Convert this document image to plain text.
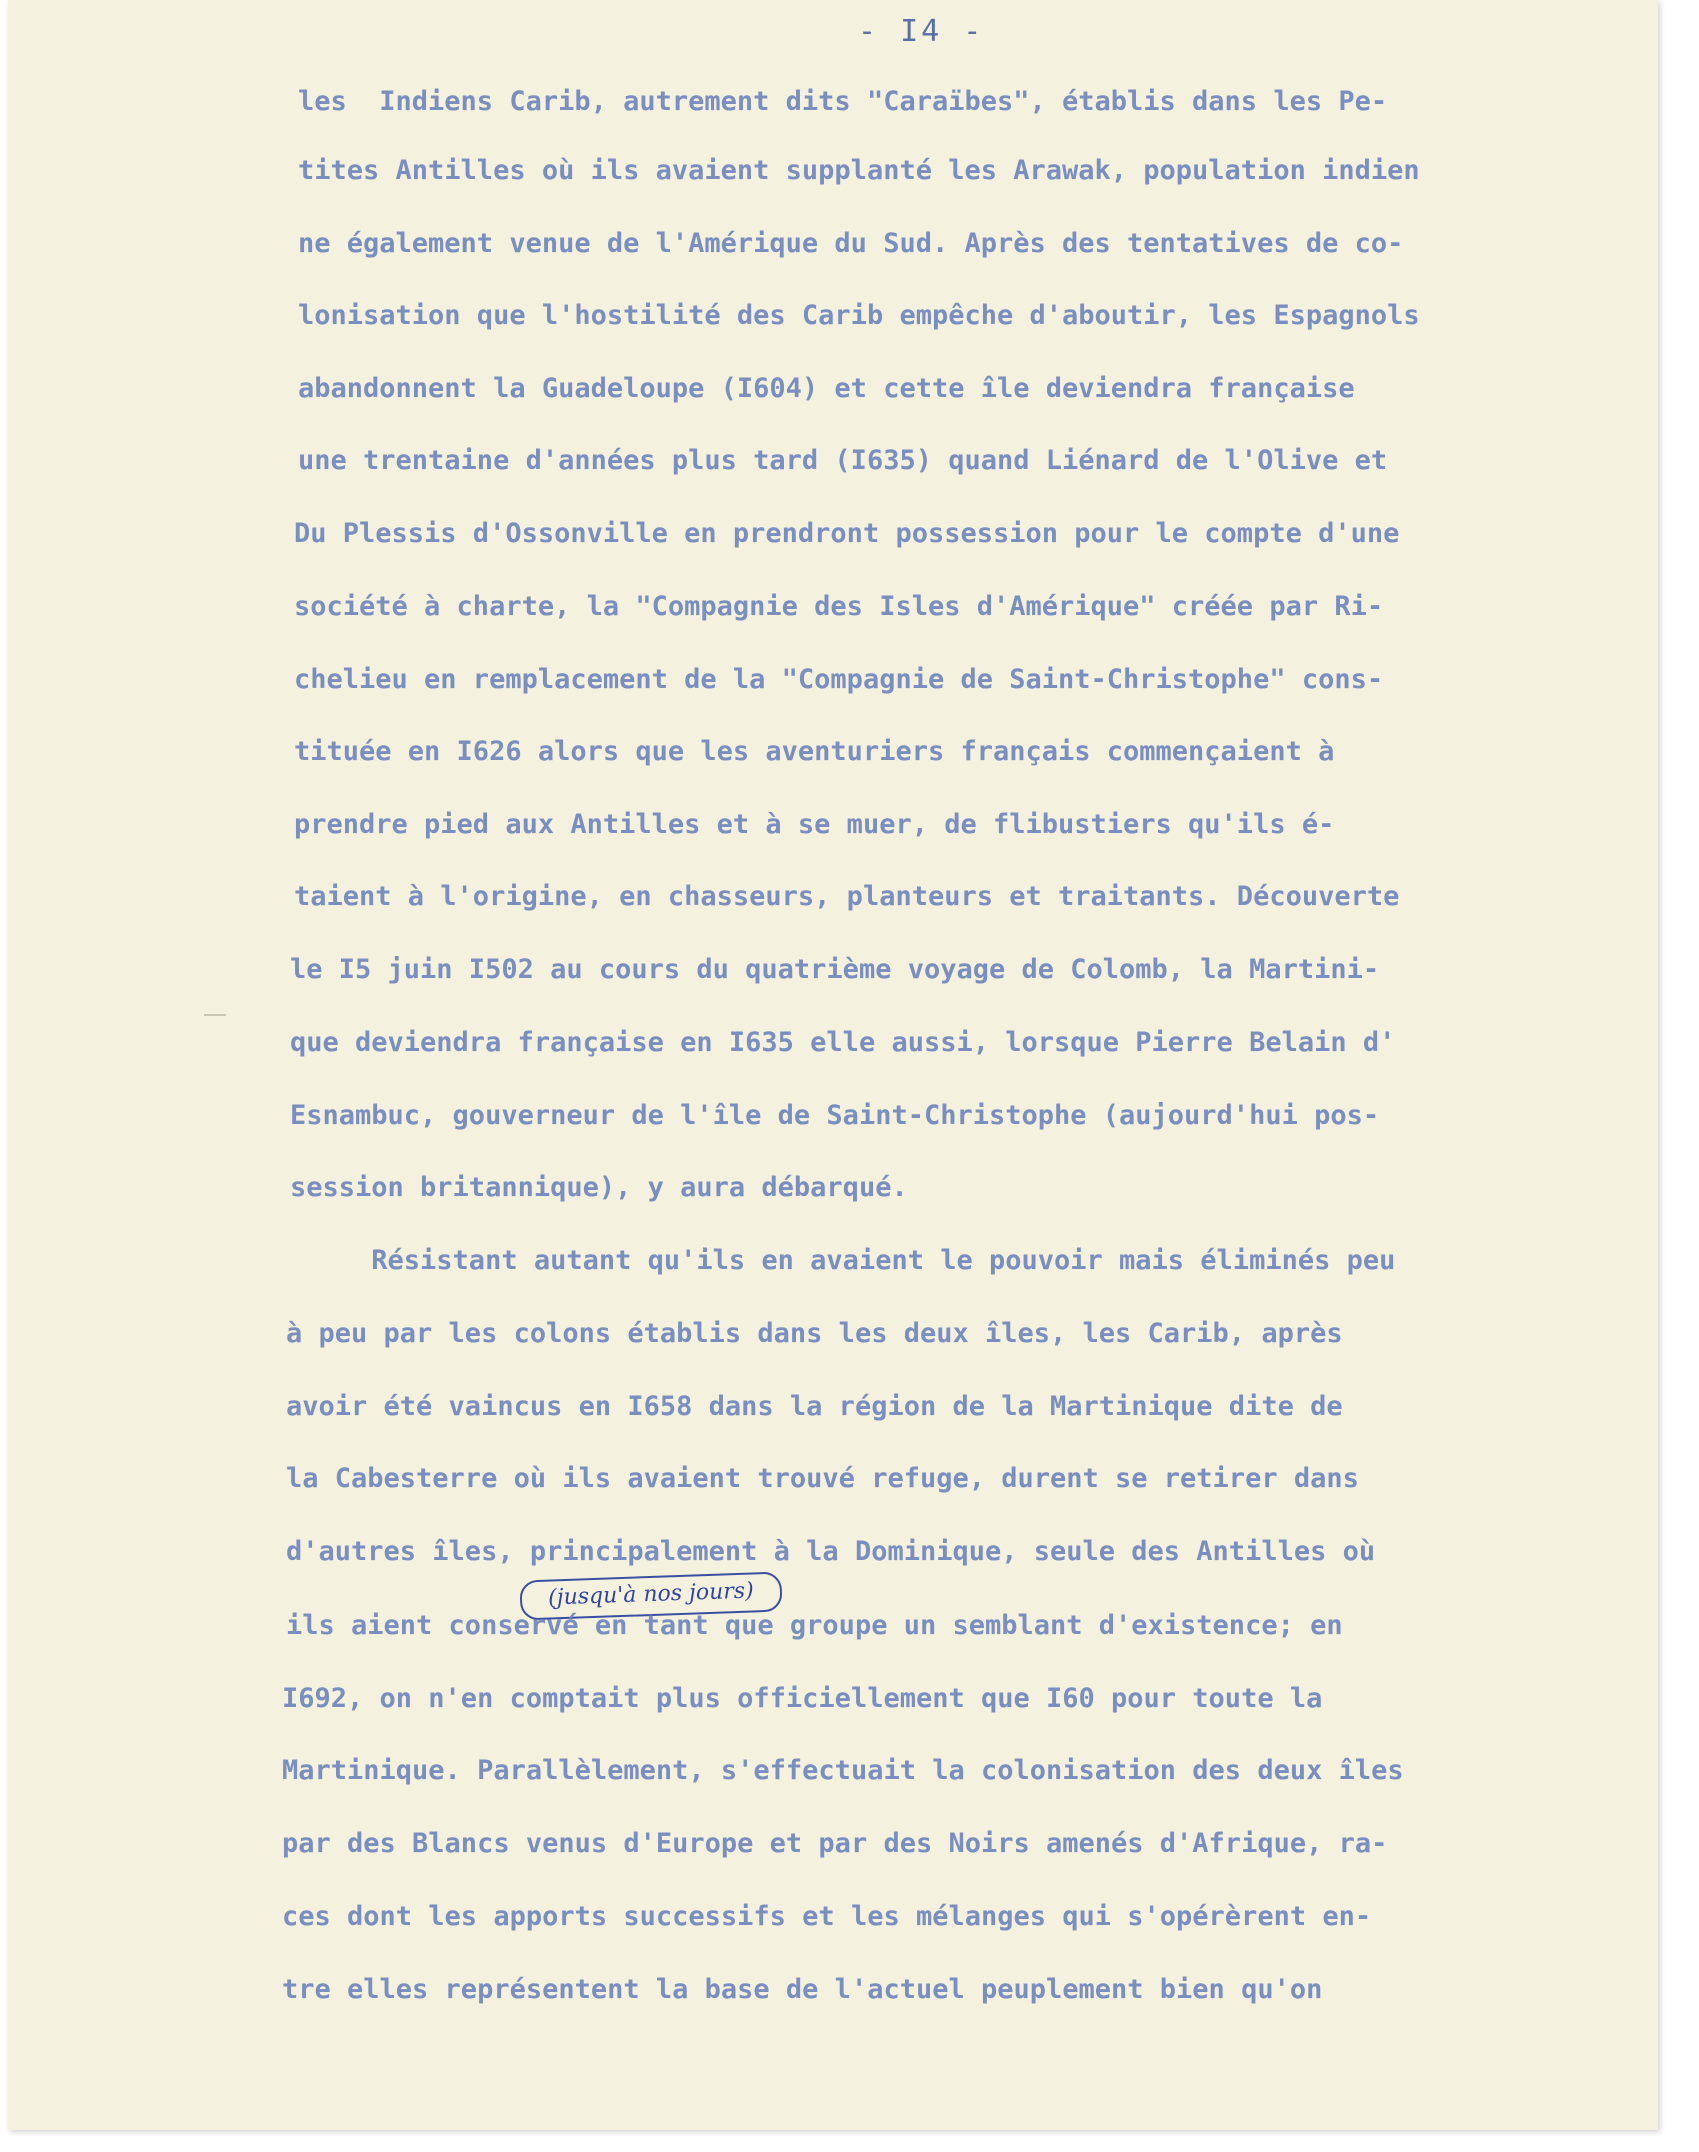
- I4 -
les  Indiens Carib, autrement dits "Caraïbes", établis dans les Pe-
tites Antilles où ils avaient supplanté les Arawak, population indien
ne également venue de l'Amérique du Sud. Après des tentatives de co-
lonisation que l'hostilité des Carib empêche d'aboutir, les Espagnols
abandonnent la Guadeloupe (I604) et cette île deviendra française
une trentaine d'années plus tard (I635) quand Liénard de l'Olive et
Du Plessis d'Ossonville en prendront possession pour le compte d'une
société à charte, la "Compagnie des Isles d'Amérique" créée par Ri-
chelieu en remplacement de la "Compagnie de Saint-Christophe" cons-
tituée en I626 alors que les aventuriers français commençaient à
prendre pied aux Antilles et à se muer, de flibustiers qu'ils é-
taient à l'origine, en chasseurs, planteurs et traitants. Découverte
le I5 juin I502 au cours du quatrième voyage de Colomb, la Martini-
que deviendra française en I635 elle aussi, lorsque Pierre Belain d'
Esnambuc, gouverneur de l'île de Saint-Christophe (aujourd'hui pos-
session britannique), y aura débarqué.
Résistant autant qu'ils en avaient le pouvoir mais éliminés peu
à peu par les colons établis dans les deux îles, les Carib, après
avoir été vaincus en I658 dans la région de la Martinique dite de
la Cabesterre où ils avaient trouvé refuge, durent se retirer dans
d'autres îles, principalement à la Dominique, seule des Antilles où
(jusqu'à nos jours)
ils aient conservé en tant que groupe un semblant d'existence; en
I692, on n'en comptait plus officiellement que I60 pour toute la
Martinique. Parallèlement, s'effectuait la colonisation des deux îles
par des Blancs venus d'Europe et par des Noirs amenés d'Afrique, ra-
ces dont les apports successifs et les mélanges qui s'opérèrent en-
tre elles représentent la base de l'actuel peuplement bien qu'on
